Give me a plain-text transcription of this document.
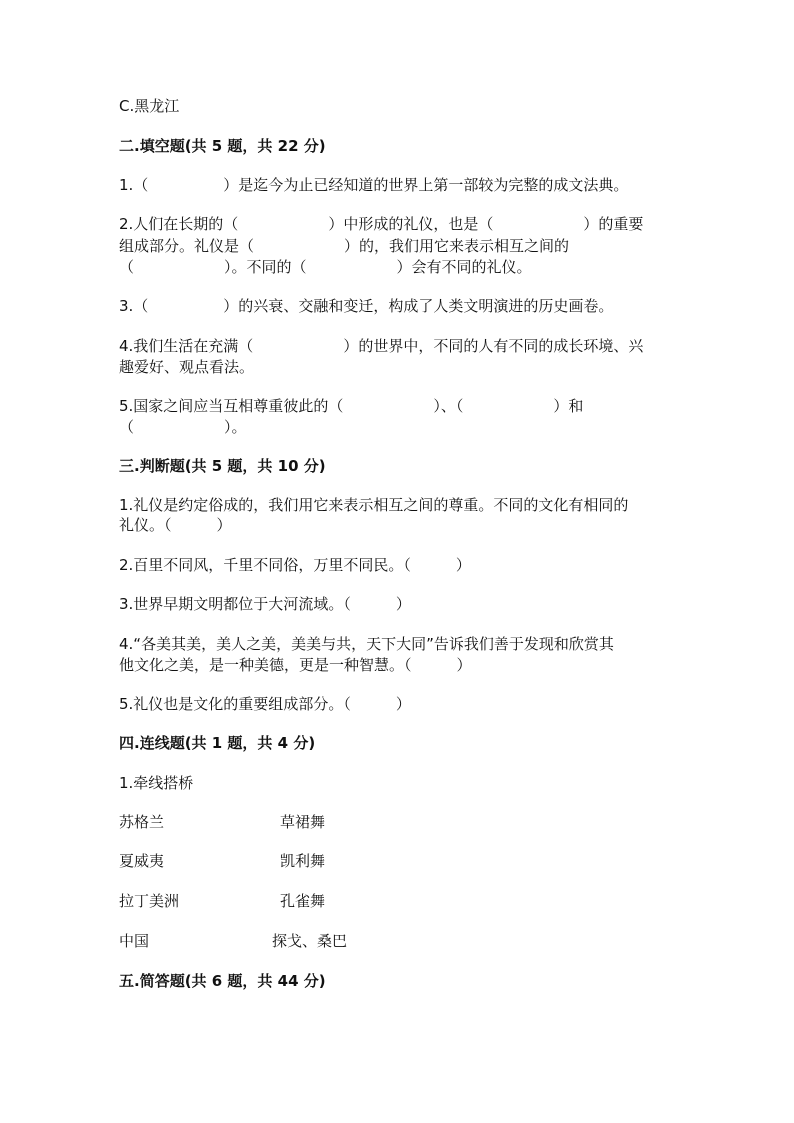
C.黑龙江
二.填空题(共 5 题，共 22 分)
1.（　　　　　）是迄今为止已经知道的世界上第一部较为完整的成文法典。
2.人们在长期的（　　　　　　）中形成的礼仪，也是（　　　　　　）的重要
组成部分。礼仪是（　　　　　　）的，我们用它来表示相互之间的
（　　　　　　）。不同的（　　　　　　）会有不同的礼仪。
3.（　　　　　）的兴衰、交融和变迁，构成了人类文明演进的历史画卷。
4.我们生活在充满（　　　　　　）的世界中，不同的人有不同的成长环境、兴
趣爱好、观点看法。
5.国家之间应当互相尊重彼此的（　　　　　　）、（　　　　　　）和
（　　　　　　）。
三.判断题(共 5 题，共 10 分)
1.礼仪是约定俗成的，我们用它来表示相互之间的尊重。不同的文化有相同的
礼仪。（　　　）
2.百里不同风，千里不同俗，万里不同民。（　　　）
3.世界早期文明都位于大河流域。（　　　）
4.“各美其美，美人之美，美美与共，天下大同”告诉我们善于发现和欣赏其
他文化之美，是一种美德，更是一种智慧。（　　　）
5.礼仪也是文化的重要组成部分。（　　　）
四.连线题(共 1 题，共 4 分)
1.牵线搭桥
苏格兰	草裙舞
夏威夷	凯利舞
拉丁美洲	孔雀舞
中国	探戈、桑巴
五.简答题(共 6 题，共 44 分)
